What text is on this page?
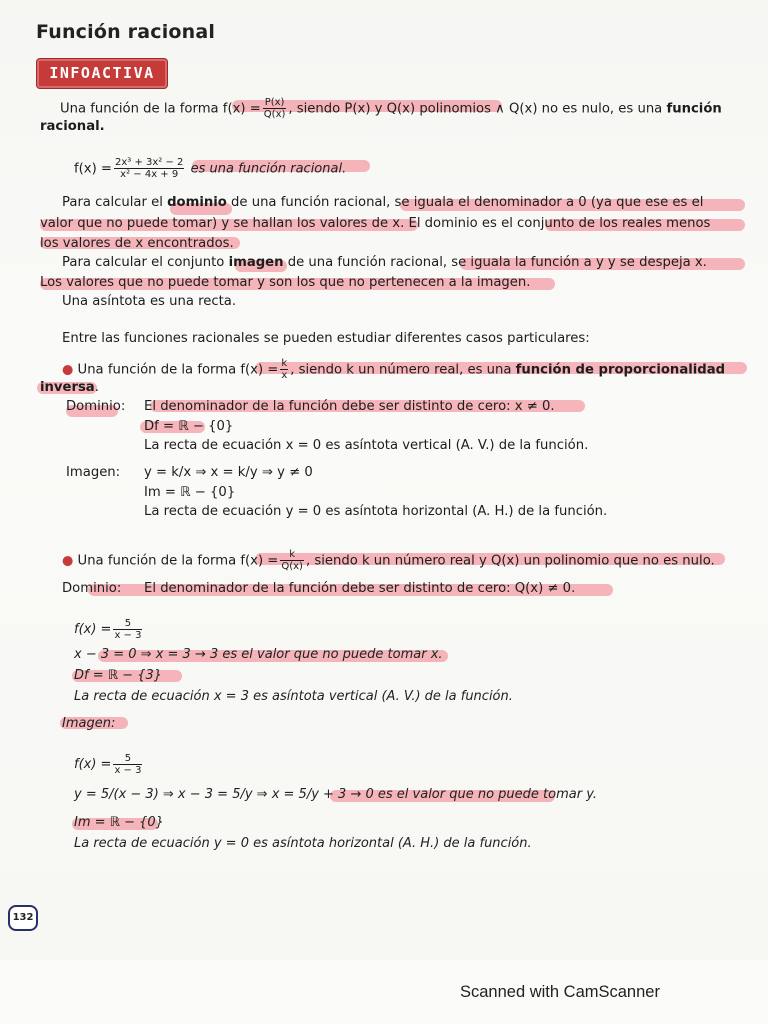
Función racional
INFOACTIVA
Una función de la forma $f(x) = \frac{P(x)}{Q(x)}$ , siendo P(x) y Q(x) polinomios ∧ Q(x) no es nulo, es una función
racional.
$f(x) = \frac{\text{2x³ + 3x² − 2}}{\text{x² − 4x + 9}}$ es una función racional.
Para calcular el dominio de una función racional, se iguala el denominador a 0 (ya que ese es el
valor que no puede tomar) y se hallan los valores de x. El dominio es el conjunto de los reales menos
los valores de x encontrados.
Para calcular el conjunto imagen de una función racional, se iguala la función a y y se despeja x.
Los valores que no puede tomar y son los que no pertenecen a la imagen.
Una asíntota es una recta.
Entre las funciones racionales se pueden estudiar diferentes casos particulares:
● Una función de la forma $f(x) = \frac{k}{x}$ , siendo k un número real, es una función de proporcionalidad
inversa.
Dominio: El denominador de la función debe ser distinto de cero: x ≠ 0.
Df = ℝ − {0}
La recta de ecuación x = 0 es asíntota vertical (A. V.) de la función.
Imagen: y = k/x ⇒ x = k/y ⇒ y ≠ 0
Im = ℝ − {0}
La recta de ecuación y = 0 es asíntota horizontal (A. H.) de la función.
● Una función de la forma $f(x) = \frac{k}{Q(x)}$ , siendo k un número real y Q(x) un polinomio que no es nulo.
Dominio: El denominador de la función debe ser distinto de cero: Q(x) ≠ 0.
$f(x) = \frac{5}{x - 3}$
x − 3 = 0 ⇒ x = 3 → 3 es el valor que no puede tomar x.
Df = ℝ − {3}
La recta de ecuación x = 3 es asíntota vertical (A. V.) de la función.
Imagen:
$f(x) = \frac{5}{x - 3}$
y = 5/(x − 3) ⇒ x − 3 = 5/y ⇒ x = 5/y + 3 → 0 es el valor que no puede tomar y.
Im = ℝ − {0}
La recta de ecuación y = 0 es asíntota horizontal (A. H.) de la función.
132
Scanned with CamScanner
